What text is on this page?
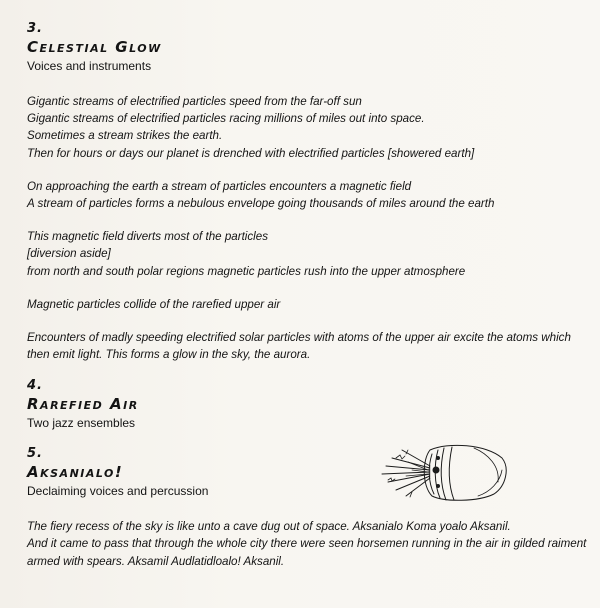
3.
Celestial Glow
Voices and instruments
Gigantic streams of electrified particles speed from the far-off sun
Gigantic streams of electrified particles racing millions of miles out into space.
Sometimes a stream strikes the earth.
Then for hours or days our planet is drenched with electrified particles [showered earth]
On approaching the earth a stream of particles encounters a magnetic field
A stream of particles forms a nebulous envelope going thousands of miles around the earth
This magnetic field diverts most of the particles
[diversion aside]
from north and south polar regions magnetic particles rush into the upper atmosphere
Magnetic particles collide of the rarefied upper air
Encounters of madly speeding electrified solar particles with atoms of the upper air excite the atoms which then emit light. This forms a glow in the sky, the aurora.
4.
Rarefied Air
Two jazz ensembles
5.
Aksanialo!
Declaiming voices and percussion
The fiery recess of the sky is like unto a cave dug out of space. Aksanialo Koma yoalo Aksanil.
And it came to pass that through the whole city there were seen horsemen running in the air in gilded raiment armed with spears. Aksamil Audlatidloalo! Aksanil.
